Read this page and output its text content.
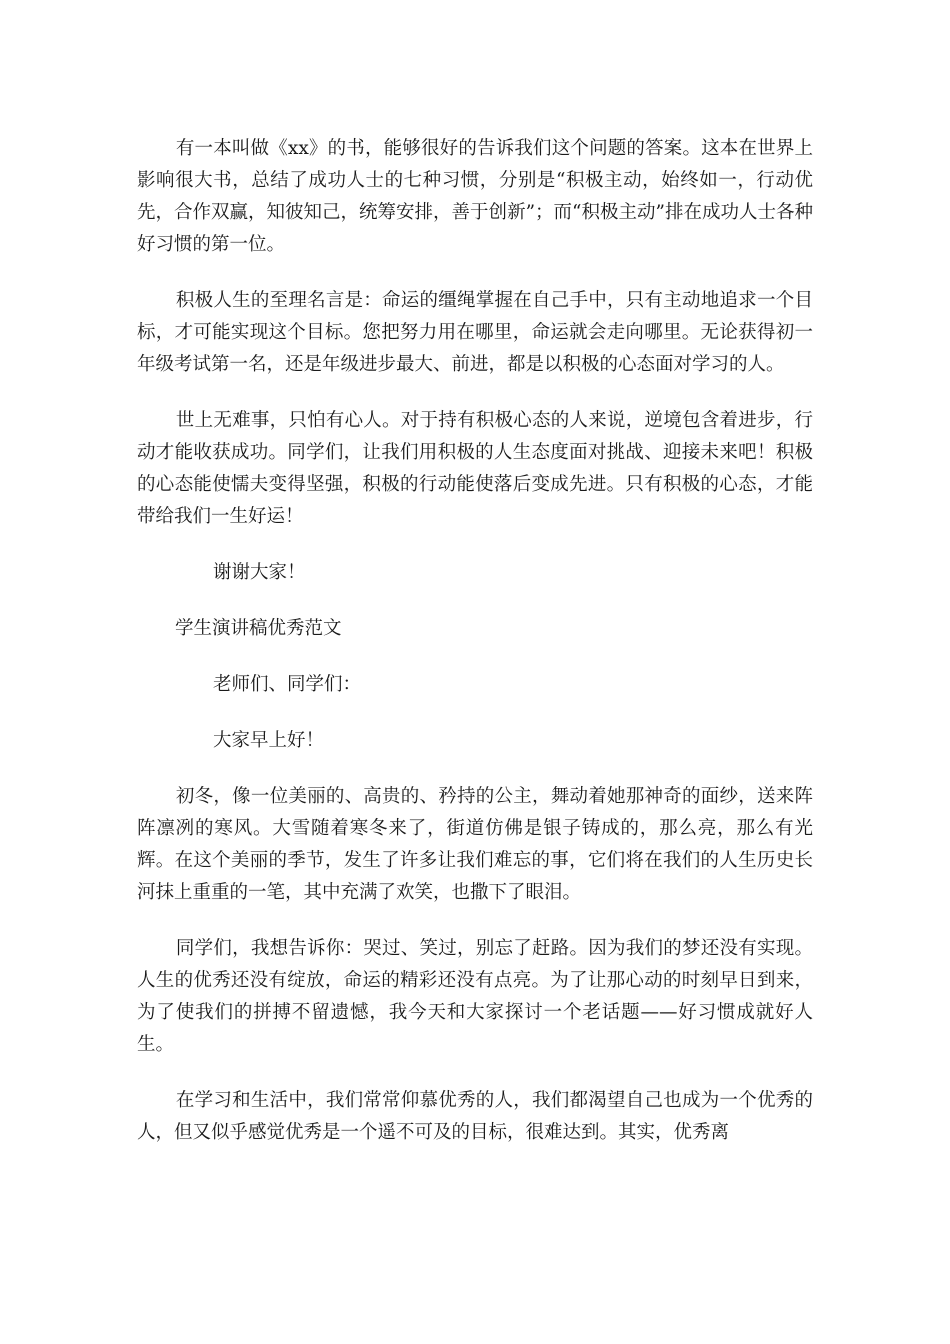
有一本叫做《xx》的书，能够很好的告诉我们这个问题的答案。这本在世界上影响很大书，总结了成功人士的七种习惯，分别是“积极主动，始终如一，行动优先，合作双赢，知彼知己，统筹安排，善于创新”；而“积极主动”排在成功人士各种好习惯的第一位。

积极人生的至理名言是：命运的缰绳掌握在自己手中，只有主动地追求一个目标，才可能实现这个目标。您把努力用在哪里，命运就会走向哪里。无论获得初一年级考试第一名，还是年级进步最大、前进，都是以积极的心态面对学习的人。

世上无难事，只怕有心人。对于持有积极心态的人来说，逆境包含着进步，行动才能收获成功。同学们，让我们用积极的人生态度面对挑战、迎接未来吧！积极的心态能使懦夫变得坚强，积极的行动能使落后变成先进。只有积极的心态，才能带给我们一生好运！

谢谢大家！

学生演讲稿优秀范文

老师们、同学们：

大家早上好！

初冬，像一位美丽的、高贵的、矜持的公主，舞动着她那神奇的面纱，送来阵阵凛冽的寒风。大雪随着寒冬来了，街道仿佛是银子铸成的，那么亮，那么有光辉。在这个美丽的季节，发生了许多让我们难忘的事，它们将在我们的人生历史长河抹上重重的一笔，其中充满了欢笑，也撒下了眼泪。

同学们，我想告诉你：哭过、笑过，别忘了赶路。因为我们的梦还没有实现。人生的优秀还没有绽放，命运的精彩还没有点亮。为了让那心动的时刻早日到来，为了使我们的拼搏不留遗憾，我今天和大家探讨一个老话题——好习惯成就好人生。

在学习和生活中，我们常常仰慕优秀的人，我们都渴望自己也成为一个优秀的人，但又似乎感觉优秀是一个遥不可及的目标，很难达到。其实，优秀离
